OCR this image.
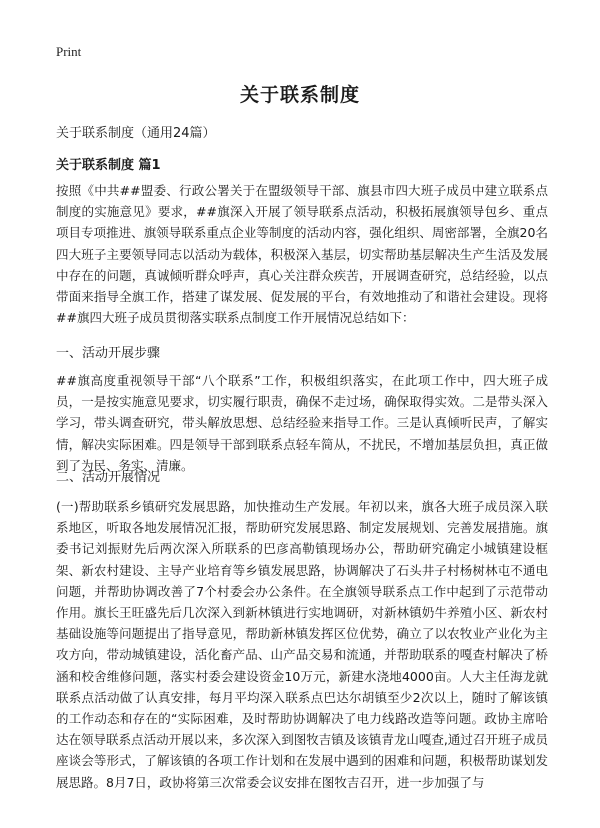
Print
关于联系制度
关于联系制度（通用24篇）
关于联系制度 篇1

按照《中共##盟委、行政公署关于在盟级领导干部、旗县市四大班子成员中建立联系点制度的实施意见》要求，##旗深入开展了领导联系点活动，积极拓展旗领导包乡、重点项目专项推进、旗领导联系重点企业等制度的活动内容，强化组织、周密部署，全旗20名四大班子主要领导同志以活动为载体，积极深入基层，切实帮助基层解决生产生活及发展中存在的问题，真诚倾听群众呼声，真心关注群众疾苦，开展调查研究，总结经验，以点带面来指导全旗工作，搭建了谋发展、促发展的平台，有效地推动了和谐社会建设。现将##旗四大班子成员贯彻落实联系点制度工作开展情况总结如下：

一、活动开展步骤

##旗高度重视领导干部“八个联系”工作，积极组织落实，在此项工作中，四大班子成员，一是按实施意见要求，切实履行职责，确保不走过场，确保取得实效。二是带头深入学习，带头调查研究，带头解放思想、总结经验来指导工作。三是认真倾听民声，了解实情，解决实际困难。四是领导干部到联系点轻车简从，不扰民，不增加基层负担，真正做到了为民、务实、清廉。

二、活动开展情况

(一)帮助联系乡镇研究发展思路，加快推动生产发展。年初以来，旗各大班子成员深入联系地区，听取各地发展情况汇报，帮助研究发展思路、制定发展规划、完善发展措施。旗委书记刘振财先后两次深入所联系的巴彦高勒镇现场办公，帮助研究确定小城镇建设框架、新农村建设、主导产业培育等乡镇发展思路，协调解决了石头井子村杨树林屯不通电问题，并帮助协调改善了7个村委会办公条件。在全旗领导联系点工作中起到了示范带动作用。旗长王旺盛先后几次深入到新林镇进行实地调研，对新林镇奶牛养殖小区、新农村基础设施等问题提出了指导意见，帮助新林镇发挥区位优势，确立了以农牧业产业化为主攻方向，带动城镇建设，活化畜产品、山产品交易和流通，并帮助联系的嘎查村解决了桥涵和校舍维修问题，落实村委会建设资金10万元，新建水浇地4000亩。人大主任海龙就联系点活动做了认真安排，每月平均深入联系点巴达尔胡镇至少2次以上，随时了解该镇的工作动态和存在的“实际困难，及时帮助协调解决了电力线路改造等问题。政协主席哈达在领导联系点活动开展以来，多次深入到图牧吉镇及该镇青龙山嘎查,通过召开班子成员座谈会等形式，了解该镇的各项工作计划和在发展中遇到的困难和问题，积极帮助谋划发展思路。8月7日，政协将第三次常委会议安排在图牧吉召开，进一步加强了与
